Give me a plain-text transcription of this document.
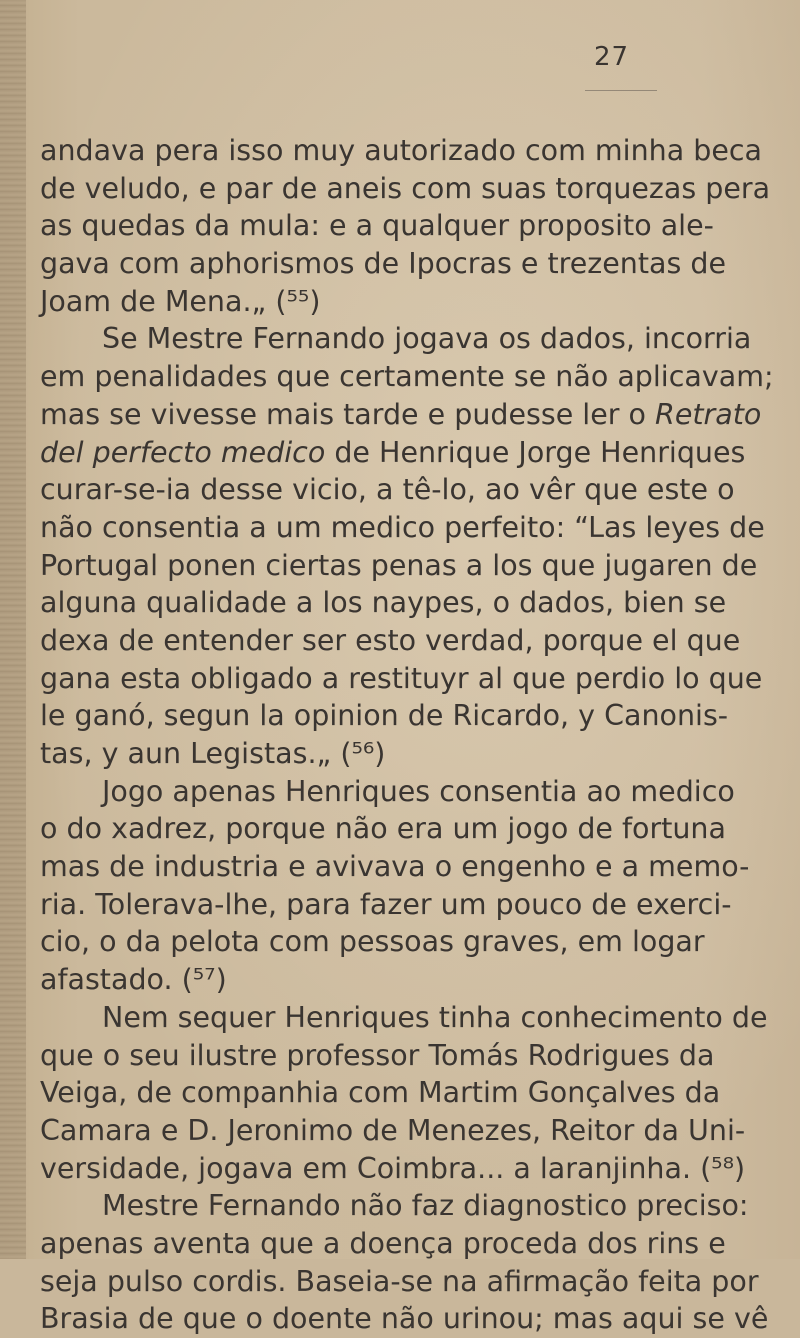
27
andava pera isso muy autorizado com minha beca
de veludo, e par de aneis com suas torquezas pera
as quedas da mula: e a qualquer proposito ale-
gava com aphorismos de Ipocras e trezentas de
Joam de Mena.„ (⁵⁵)
Se Mestre Fernando jogava os dados, incorria
em penalidades que certamente se não aplicavam;
mas se vivesse mais tarde e pudesse ler o Retrato
del perfecto medico de Henrique Jorge Henriques
curar-se-ia desse vicio, a tê-lo, ao vêr que este o
não consentia a um medico perfeito: “Las leyes de
Portugal ponen ciertas penas a los que jugaren de
alguna qualidade a los naypes, o dados, bien se
dexa de entender ser esto verdad, porque el que
gana esta obligado a restituyr al que perdio lo que
le ganó, segun la opinion de Ricardo, y Canonis-
tas, y aun Legistas.„ (⁵⁶)
Jogo apenas Henriques consentia ao medico
o do xadrez, porque não era um jogo de fortuna
mas de industria e avivava o engenho e a memo-
ria. Tolerava-lhe, para fazer um pouco de exerci-
cio, o da pelota com pessoas graves, em logar
afastado. (⁵⁷)
Nem sequer Henriques tinha conhecimento de
que o seu ilustre professor Tomás Rodrigues da
Veiga, de companhia com Martim Gonçalves da
Camara e D. Jeronimo de Menezes, Reitor da Uni-
versidade, jogava em Coimbra... a laranjinha. (⁵⁸)
Mestre Fernando não faz diagnostico preciso:
apenas aventa que a doença proceda dos rins e
seja pulso cordis. Baseia-se na afirmação feita por
Brasia de que o doente não urinou; mas aqui se vê
